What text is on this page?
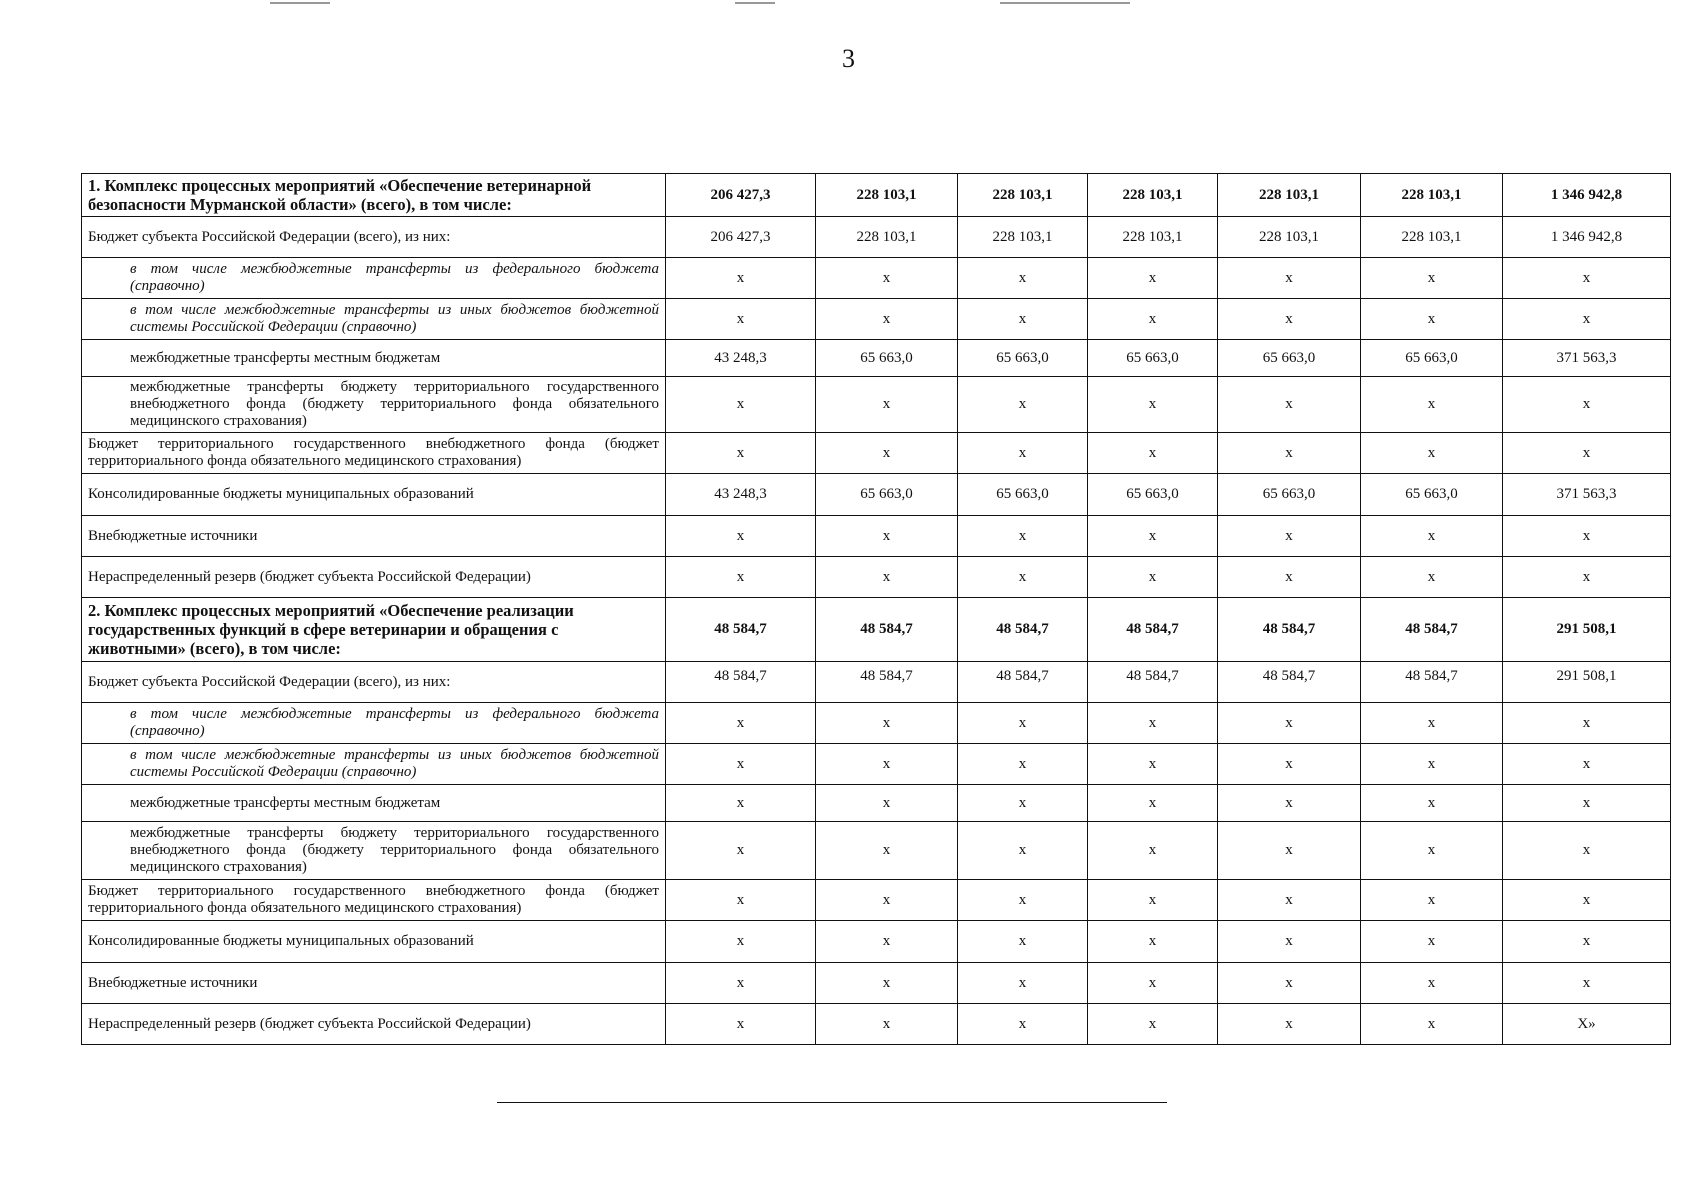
3
1. Комплекс процессных мероприятий «Обеспечение ветеринарной безопасности Мурманской области» (всего), в том числе:	206 427,3	228 103,1	228 103,1	228 103,1	228 103,1	228 103,1	1 346 942,8
Бюджет субъекта Российской Федерации (всего), из них:	206 427,3	228 103,1	228 103,1	228 103,1	228 103,1	228 103,1	1 346 942,8
в том числе межбюджетные трансферты из федерального бюджета (справочно)	x	x	x	x	x	x	x
в том числе межбюджетные трансферты из иных бюджетов бюджетной системы Российской Федерации (справочно)	x	x	x	x	x	x	x
межбюджетные трансферты местным бюджетам	43 248,3	65 663,0	65 663,0	65 663,0	65 663,0	65 663,0	371 563,3
межбюджетные трансферты бюджету территориального государственного внебюджетного фонда (бюджету территориального фонда обязательного медицинского страхования)	x	x	x	x	x	x	x
Бюджет территориального государственного внебюджетного фонда (бюджет территориального фонда обязательного медицинского страхования)	x	x	x	x	x	x	x
Консолидированные бюджеты муниципальных образований	43 248,3	65 663,0	65 663,0	65 663,0	65 663,0	65 663,0	371 563,3
Внебюджетные источники	x	x	x	x	x	x	x
Нераспределенный резерв (бюджет субъекта Российской Федерации)	x	x	x	x	x	x	x
2. Комплекс процессных мероприятий «Обеспечение реализации государственных функций в сфере ветеринарии и обращения с животными» (всего), в том числе:	48 584,7	48 584,7	48 584,7	48 584,7	48 584,7	48 584,7	291 508,1
Бюджет субъекта Российской Федерации (всего), из них:	48 584,7	48 584,7	48 584,7	48 584,7	48 584,7	48 584,7	291 508,1
в том числе межбюджетные трансферты из федерального бюджета (справочно)	x	x	x	x	x	x	x
в том числе межбюджетные трансферты из иных бюджетов бюджетной системы Российской Федерации (справочно)	x	x	x	x	x	x	x
межбюджетные трансферты местным бюджетам	x	x	x	x	x	x	x
межбюджетные трансферты бюджету территориального государственного внебюджетного фонда (бюджету территориального фонда обязательного медицинского страхования)	x	x	x	x	x	x	x
Бюджет территориального государственного внебюджетного фонда (бюджет территориального фонда обязательного медицинского страхования)	x	x	x	x	x	x	x
Консолидированные бюджеты муниципальных образований	x	x	x	x	x	x	x
Внебюджетные источники	x	x	x	x	x	x	x
Нераспределенный резерв (бюджет субъекта Российской Федерации)	x	x	x	x	x	x	X»
